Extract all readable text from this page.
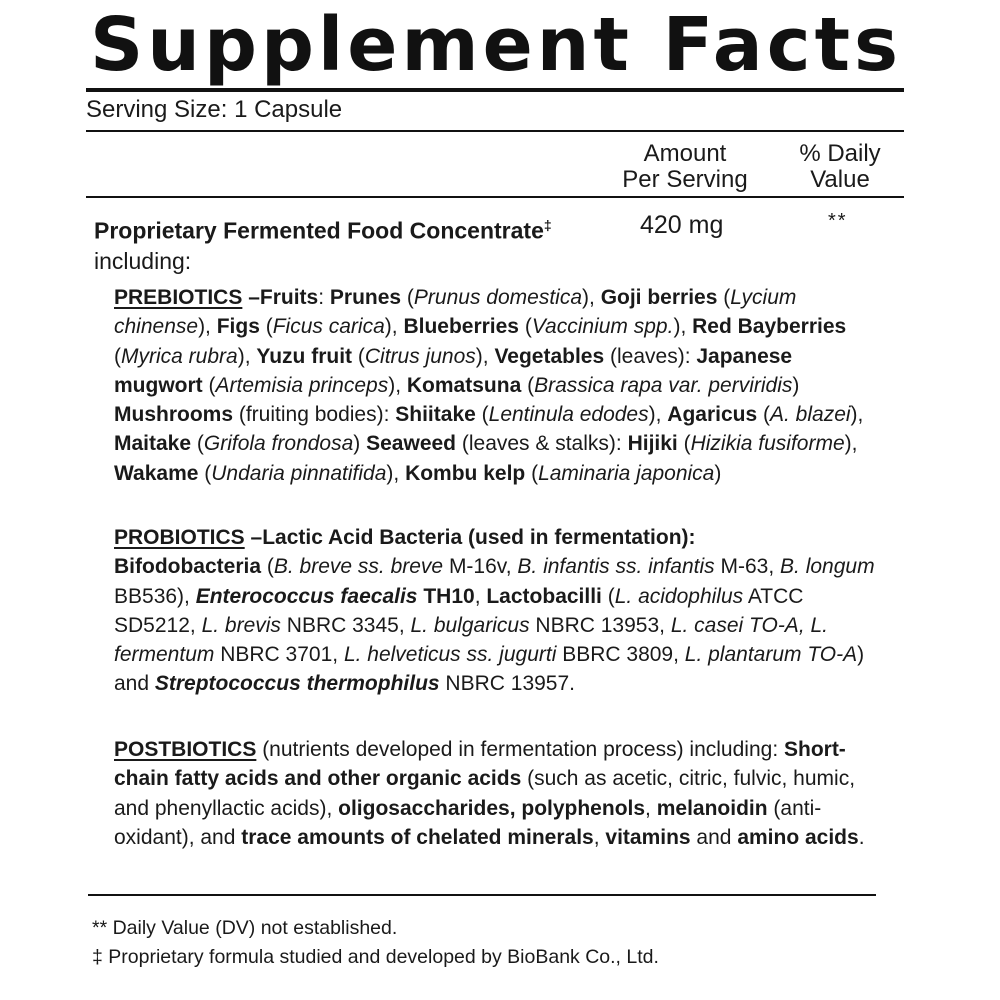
Supplement Facts
Serving Size: 1 Capsule
Amount
Per Serving
% Daily
Value
Proprietary Fermented Food Concentrate‡
including:
420 mg	**
PREBIOTICS –Fruits: Prunes (Prunus domestica), Goji berries (Lycium chinense), Figs (Ficus carica), Blueberries (Vaccinium spp.), Red Bayberries (Myrica rubra), Yuzu fruit (Citrus junos), Vegetables (leaves): Japanese mugwort (Artemisia princeps), Komatsuna (Brassica rapa var. perviridis) Mushrooms (fruiting bodies): Shiitake (Lentinula edodes), Agaricus (A. blazei), Maitake (Grifola frondosa) Seaweed (leaves & stalks): Hijiki (Hizikia fusiforme), Wakame (Undaria pinnatifida), Kombu kelp (Laminaria japonica)
PROBIOTICS –Lactic Acid Bacteria (used in fermentation):
Bifodobacteria (B. breve ss. breve M-16v, B. infantis ss. infantis M-63, B. longum BB536), Enterococcus faecalis TH10, Lactobacilli (L. acidophilus ATCC SD5212, L. brevis NBRC 3345, L. bulgaricus NBRC 13953, L. casei TO-A, L. fermentum NBRC 3701, L. helveticus ss. jugurti BBRC 3809, L. plantarum TO-A) and Streptococcus thermophilus NBRC 13957.
POSTBIOTICS (nutrients developed in fermentation process) including: Short-chain fatty acids and other organic acids (such as acetic, citric, fulvic, humic, and phenyllactic acids), oligosaccharides, polyphenols, melanoidin (anti-oxidant), and trace amounts of chelated minerals, vitamins and amino acids.
** Daily Value (DV) not established.
‡ Proprietary formula studied and developed by BioBank Co., Ltd.
